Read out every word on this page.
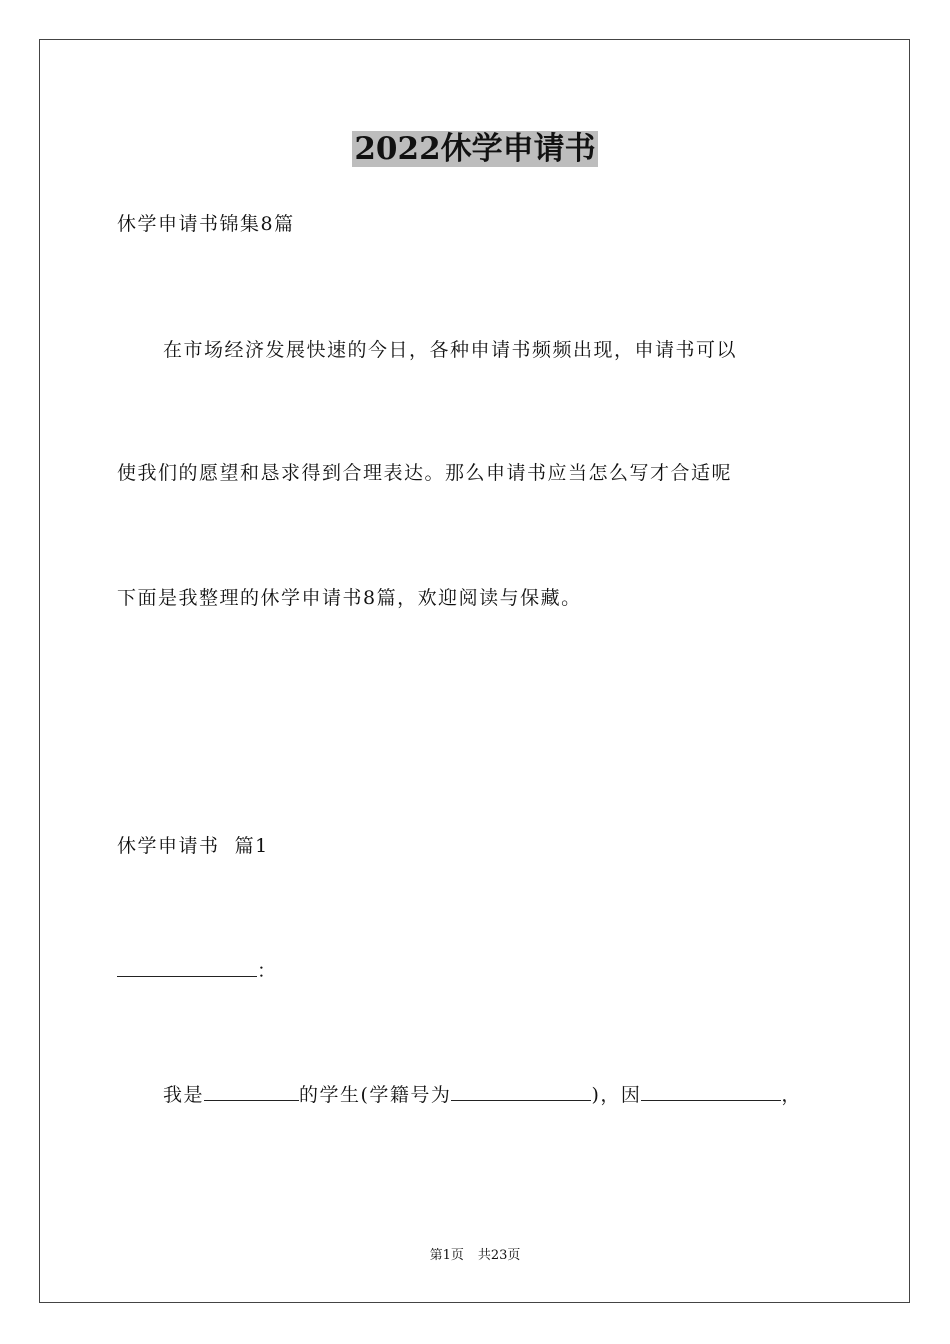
2022休学申请书
休学申请书锦集8篇
在市场经济发展快速的今日，各种申请书频频出现，申请书可以
使我们的愿望和恳求得到合理表达。那么申请书应当怎么写才合适呢
下面是我整理的休学申请书8篇，欢迎阅读与保藏。
休学申请书  篇1
：
我是	的学生(学籍号为	)，因	，
第1页 共23页
